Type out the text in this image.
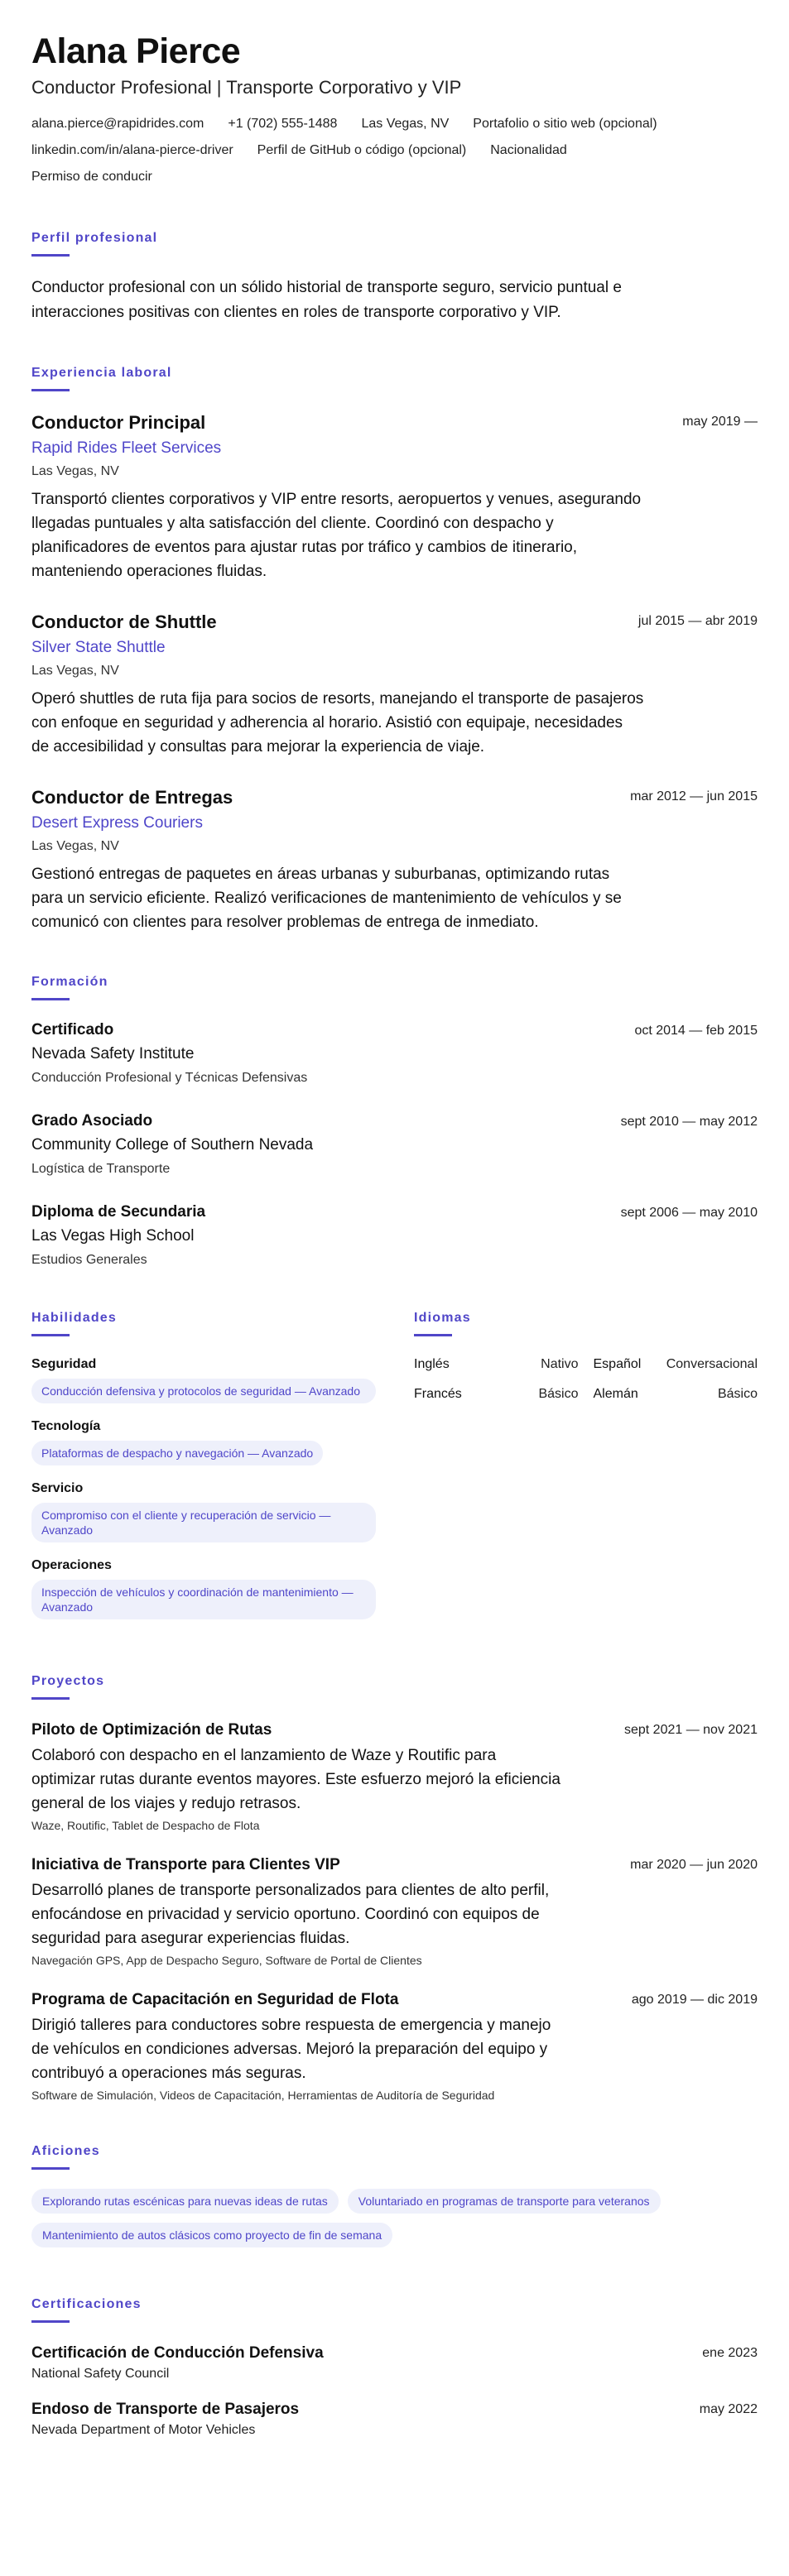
Alana Pierce
Conductor Profesional | Transporte Corporativo y VIP
alana.pierce@rapidrides.com +1 (702) 555-1488 Las Vegas, NV Portafolio o sitio web (opcional)
linkedin.com/in/alana-pierce-driver Perfil de GitHub o código (opcional) Nacionalidad
Permiso de conducir
Perfil profesional

Conductor profesional con un sólido historial de transporte seguro, servicio puntual e interacciones positivas con clientes en roles de transporte corporativo y VIP.

Experiencia laboral
Conductor Principal	may 2019 —
Rapid Rides Fleet Services
Las Vegas, NV

Transportó clientes corporativos y VIP entre resorts, aeropuertos y venues, asegurando llegadas puntuales y alta satisfacción del cliente. Coordinó con despacho y planificadores de eventos para ajustar rutas por tráfico y cambios de itinerario, manteniendo operaciones fluidas.

Conductor de Shuttle	jul 2015 — abr 2019
Silver State Shuttle
Las Vegas, NV

Operó shuttles de ruta fija para socios de resorts, manejando el transporte de pasajeros con enfoque en seguridad y adherencia al horario. Asistió con equipaje, necesidades de accesibilidad y consultas para mejorar la experiencia de viaje.

Conductor de Entregas	mar 2012 — jun 2015
Desert Express Couriers
Las Vegas, NV

Gestionó entregas de paquetes en áreas urbanas y suburbanas, optimizando rutas para un servicio eficiente. Realizó verificaciones de mantenimiento de vehículos y se comunicó con clientes para resolver problemas de entrega de inmediato.

Formación
Certificado	oct 2014 — feb 2015
Nevada Safety Institute
Conducción Profesional y Técnicas Defensivas
Grado Asociado	sept 2010 — may 2012
Community College of Southern Nevada
Logística de Transporte
Diploma de Secundaria	sept 2006 — may 2010
Las Vegas High School
Estudios Generales
Habilidades
Seguridad
Conducción defensiva y protocolos de seguridad — Avanzado
Tecnología
Plataformas de despacho y navegación — Avanzado
Servicio
Compromiso con el cliente y recuperación de servicio — Avanzado
Operaciones
Inspección de vehículos y coordinación de mantenimiento — Avanzado
Idiomas
Inglés	Nativo Español Conversacional
Francés	Básico Alemán	Básico
Proyectos
Piloto de Optimización de Rutas	sept 2021 — nov 2021

Colaboró con despacho en el lanzamiento de Waze y Routific para optimizar rutas durante eventos mayores. Este esfuerzo mejoró la eficiencia general de los viajes y redujo retrasos.

Waze, Routific, Tablet de Despacho de Flota
Iniciativa de Transporte para Clientes VIP	mar 2020 — jun 2020

Desarrolló planes de transporte personalizados para clientes de alto perfil, enfocándose en privacidad y servicio oportuno. Coordinó con equipos de seguridad para asegurar experiencias fluidas.

Navegación GPS, App de Despacho Seguro, Software de Portal de Clientes
Programa de Capacitación en Seguridad de Flota	ago 2019 — dic 2019

Dirigió talleres para conductores sobre respuesta de emergencia y manejo de vehículos en condiciones adversas. Mejoró la preparación del equipo y contribuyó a operaciones más seguras.

Software de Simulación, Videos de Capacitación, Herramientas de Auditoría de Seguridad
Aficiones
Explorando rutas escénicas para nuevas ideas de rutas	Voluntariado en programas de transporte para veteranos
Mantenimiento de autos clásicos como proyecto de fin de semana
Certificaciones
Certificación de Conducción Defensiva	ene 2023
National Safety Council
Endoso de Transporte de Pasajeros	may 2022
Nevada Department of Motor Vehicles
